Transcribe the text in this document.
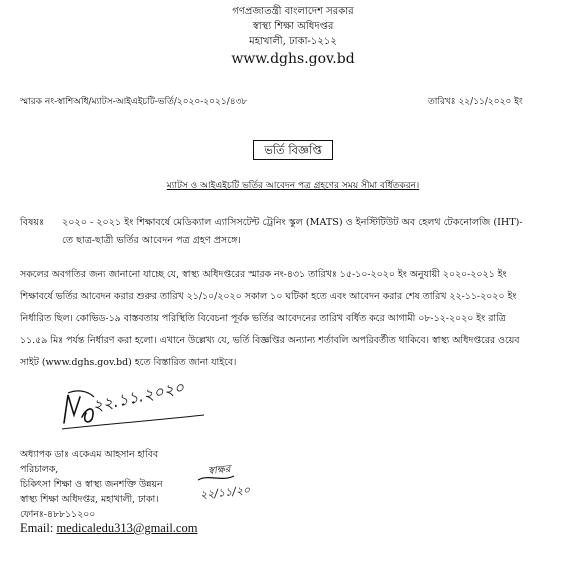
গণপ্রজাতন্ত্রী বাংলাদেশ সরকার
স্বাস্থ্য শিক্ষা অধিদপ্তর
মহাখালী, ঢাকা-১২১২
www.dghs.gov.bd
স্মারক নং-স্বাশিঅধি/ম্যাটস-আইএইচটি-ভর্তি/২০২০-২০২১/৪৩৮	তারিখঃ ২২/১১/২০২০ ইং
ভর্তি বিজ্ঞপ্তি
ম্যাটস ও আইএইচটি ভর্তির আবেদন পত্র গ্রহণের সময় সীমা বর্ধিতকরন।
বিষয়ঃ ২০২০ - ২০২১ ইং শিক্ষাবর্ষে মেডিক্যাল এ্যাসিসটেন্ট ট্রেনিং স্কুল (MATS) ও ইনস্টিটিউট অব হেলথ টেকনোলজি (IHT)-
তে ছাত্র-ছাত্রী ভর্তির আবেদন পত্র গ্রহণ প্রসঙ্গে।
সকলের অবগতির জন্য জানানো যাচ্ছে যে, স্বাস্থ্য অধিদপ্তরের স্মারক নং-৪৩১ তারিখঃ ১৫-১০-২০২০ ইং অনুযায়ী ২০২০-২০২১ ইং
শিক্ষাবর্ষে ভর্তির আবেদন করার শুরুর তারিখ ২১/১০/২০২০ সকাল ১০ ঘটিকা হতে এবং আবেদন করার শেষ তারিখ ২২-১১-২০২০ ইং
নির্ধারিত ছিল। কোভিড-১৯ বাস্তবতায় পরিস্থিতি বিবেচনা পূর্বক ভর্তির আবেদনের তারিখ বর্ধিত করে আগামী ০৮-১২-২০২০ ইং রাত্রি
১১.৫৯ মিঃ পর্যন্ত নির্ধারণ করা হলো। এখানে উল্লেখ্য যে, ভর্তি বিজ্ঞপ্তির অন্যান্য শর্তাবলি অপরিবর্তীত থাকিবে। স্বাস্থ্য অধিদপ্তরের ওয়েব
সাইট (www.dghs.gov.bd) হতে বিস্তারিত জানা যাইবে।
২২.১১.২০২০
অধ্যাপক ডাঃ একেএম আহসান হাবিব
পরিচালক,
চিকিৎসা শিক্ষা ও স্বাস্থ্য জনশক্তি উন্নয়ন
স্বাস্থ্য শিক্ষা অধিদপ্তর, মহাখালী, ঢাকা।
ফোনঃ-৪৮৮১১২০০
Email: medicaledu313@gmail.com
স্বাক্ষর
২২/১১/২০
